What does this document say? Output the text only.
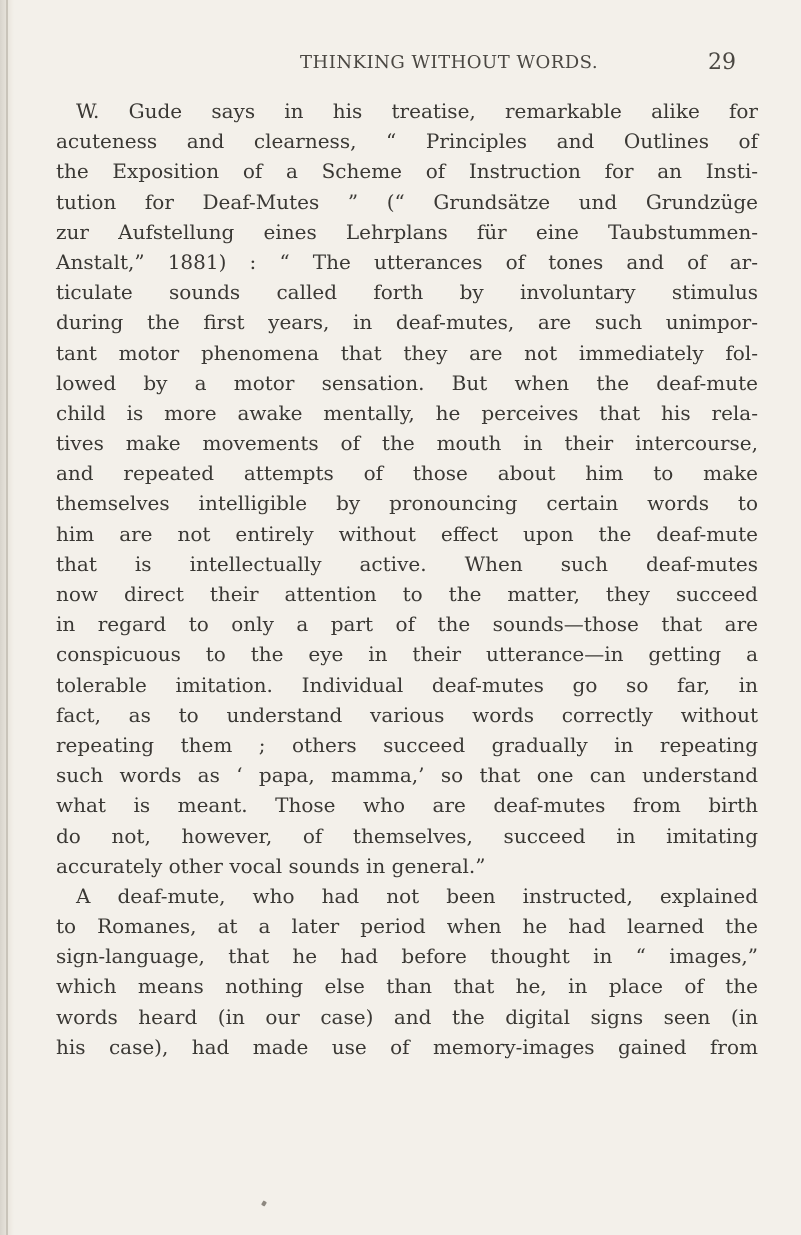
THINKING WITHOUT WORDS.	29
W. Gude says in his treatise, remarkable alike for
acuteness and clearness, “ Principles and Outlines of
the Exposition of a Scheme of Instruction for an Insti-
tution for Deaf-Mutes ” (“ Grundsätze und Grundzüge
zur Aufstellung eines Lehrplans für eine Taubstummen-
Anstalt,” 1881) : “ The utterances of tones and of ar-
ticulate sounds called forth by involuntary stimulus
during the first years, in deaf-mutes, are such unimpor-
tant motor phenomena that they are not immediately fol-
lowed by a motor sensation. But when the deaf-mute
child is more awake mentally, he perceives that his rela-
tives make movements of the mouth in their intercourse,
and repeated attempts of those about him to make
themselves intelligible by pronouncing certain words to
him are not entirely without effect upon the deaf-mute
that is intellectually active. When such deaf-mutes
now direct their attention to the matter, they succeed
in regard to only a part of the sounds—those that are
conspicuous to the eye in their utterance—in getting a
tolerable imitation. Individual deaf-mutes go so far, in
fact, as to understand various words correctly without
repeating them ; others succeed gradually in repeating
such words as ‘ papa, mamma,’ so that one can understand
what is meant. Those who are deaf-mutes from birth
do not, however, of themselves, succeed in imitating
accurately other vocal sounds in general.”
A deaf-mute, who had not been instructed, explained
to Romanes, at a later period when he had learned the
sign-language, that he had before thought in “ images,”
which means nothing else than that he, in place of the
words heard (in our case) and the digital signs seen (in
his case), had made use of memory-images gained from
